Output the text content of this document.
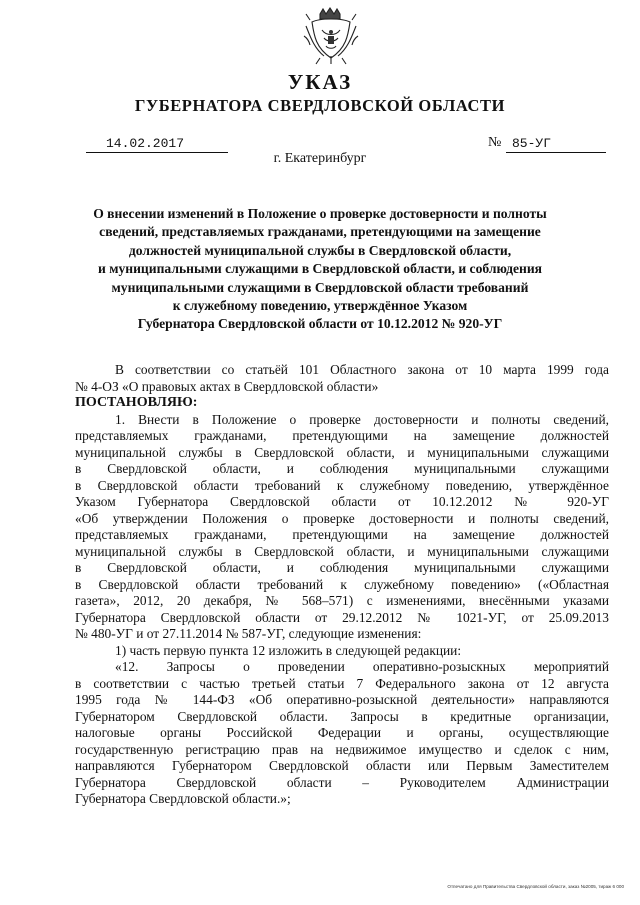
УКАЗ
ГУБЕРНАТОРА СВЕРДЛОВСКОЙ ОБЛАСТИ
14.02.2017	№ 85-УГ
г. Екатеринбург
О внесении изменений в Положение о проверке достоверности и полноты
сведений, представляемых гражданами, претендующими на замещение
должностей муниципальной службы в Свердловской области,
и муниципальными служащими в Свердловской области, и соблюдения
муниципальными служащими в Свердловской области требований
к служебному поведению, утверждённое Указом
Губернатора Свердловской области от 10.12.2012 № 920-УГ

В соответствии со статьёй 101 Областного закона от 10 марта 1999 года

№ 4-ОЗ «О правовых актах в Свердловской области»

ПОСТАНОВЛЯЮ:

1. Внести в Положение о проверке достоверности и полноты сведений,

представляемых гражданами, претендующими на замещение должностей

муниципальной службы в Свердловской области, и муниципальными служащими

в Свердловской области, и соблюдения муниципальными служащими

в Свердловской области требований к служебному поведению, утверждённое

Указом Губернатора Свердловской области от 10.12.2012 № 920-УГ

«Об утверждении Положения о проверке достоверности и полноты сведений,

представляемых гражданами, претендующими на замещение должностей

муниципальной службы в Свердловской области, и муниципальными служащими

в Свердловской области, и соблюдения муниципальными служащими

в Свердловской области требований к служебному поведению» («Областная

газета», 2012, 20 декабря, № 568–571) с изменениями, внесёнными указами

Губернатора Свердловской области от 29.12.2012 № 1021-УГ, от 25.09.2013

№ 480-УГ и от 27.11.2014 № 587-УГ, следующие изменения:

1) часть первую пункта 12 изложить в следующей редакции:

«12. Запросы о проведении оперативно-розыскных мероприятий

в соответствии с частью третьей статьи 7 Федерального закона от 12 августа

1995 года № 144-ФЗ «Об оперативно-розыскной деятельности» направляются

Губернатором Свердловской области. Запросы в кредитные организации,

налоговые органы Российской Федерации и органы, осуществляющие

государственную регистрацию прав на недвижимое имущество и сделок с ним,

направляются Губернатором Свердловской области или Первым Заместителем

Губернатора Свердловской области – Руководителем Администрации

Губернатора Свердловской области.»;

Отпечатано для Правительства Свердловской области, заказ №2005, тираж 6 000
